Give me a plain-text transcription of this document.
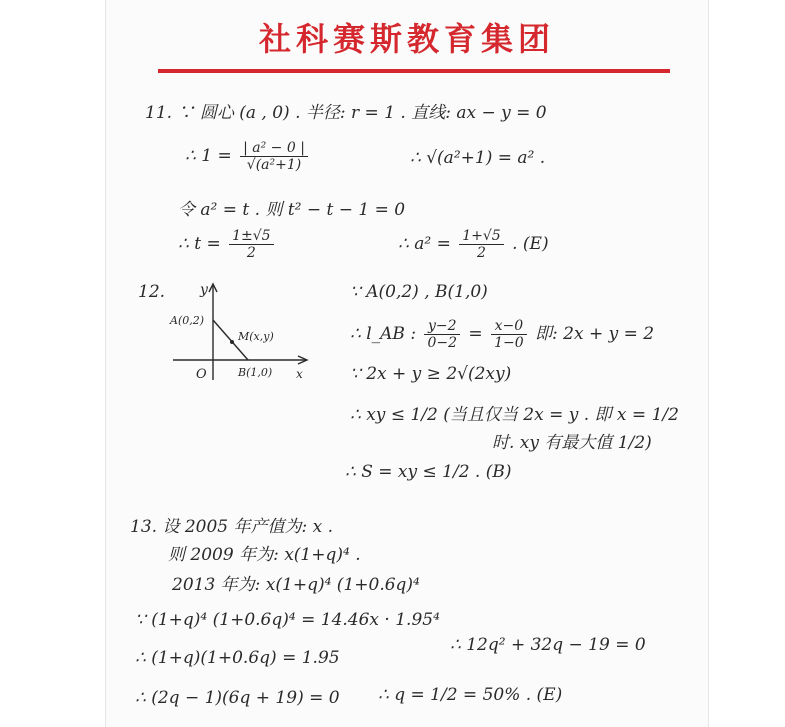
社科赛斯教育集团
11. ∵ 圆心 (a , 0) . 半径: r = 1 . 直线: ax − y = 0
∴ $1 = \frac{\text{| a² − 0 |}}{\text{√(a²+1)}}$	∴ √(a²+1) = a² .
令 a² = t . 则 t² − t − 1 = 0
∴ $t = \frac{1\pm√5}{2}$	∴ $a^2 = \frac{1+√5}{2}$ . (E)
12. y
x
O
A(0,2)
B(1,0)
M(x,y)
∵ A(0,2) , B(1,0)
∴ l_AB : $\frac{y-2}{0-2} = \frac{x-0}{1-0}$ 即: 2x + y = 2
∵ 2x + y ≥ 2√(2xy)
∴ xy ≤ 1/2 (当且仅当 2x = y . 即 x = 1/2
时. xy 有最大值 1/2)
∴ S = xy ≤ 1/2 . (B)
13. 设 2005 年产值为: x .
则 2009 年为: x(1+q)⁴ .
2013 年为: x(1+q)⁴ (1+0.6q)⁴
∵ (1+q)⁴ (1+0.6q)⁴ = 14.46x · 1.95⁴
∴ (1+q)(1+0.6q) = 1.95
∴ 12q² + 32q − 19 = 0
∴ (2q − 1)(6q + 19) = 0 ∴ q = 1/2 = 50% . (E)
